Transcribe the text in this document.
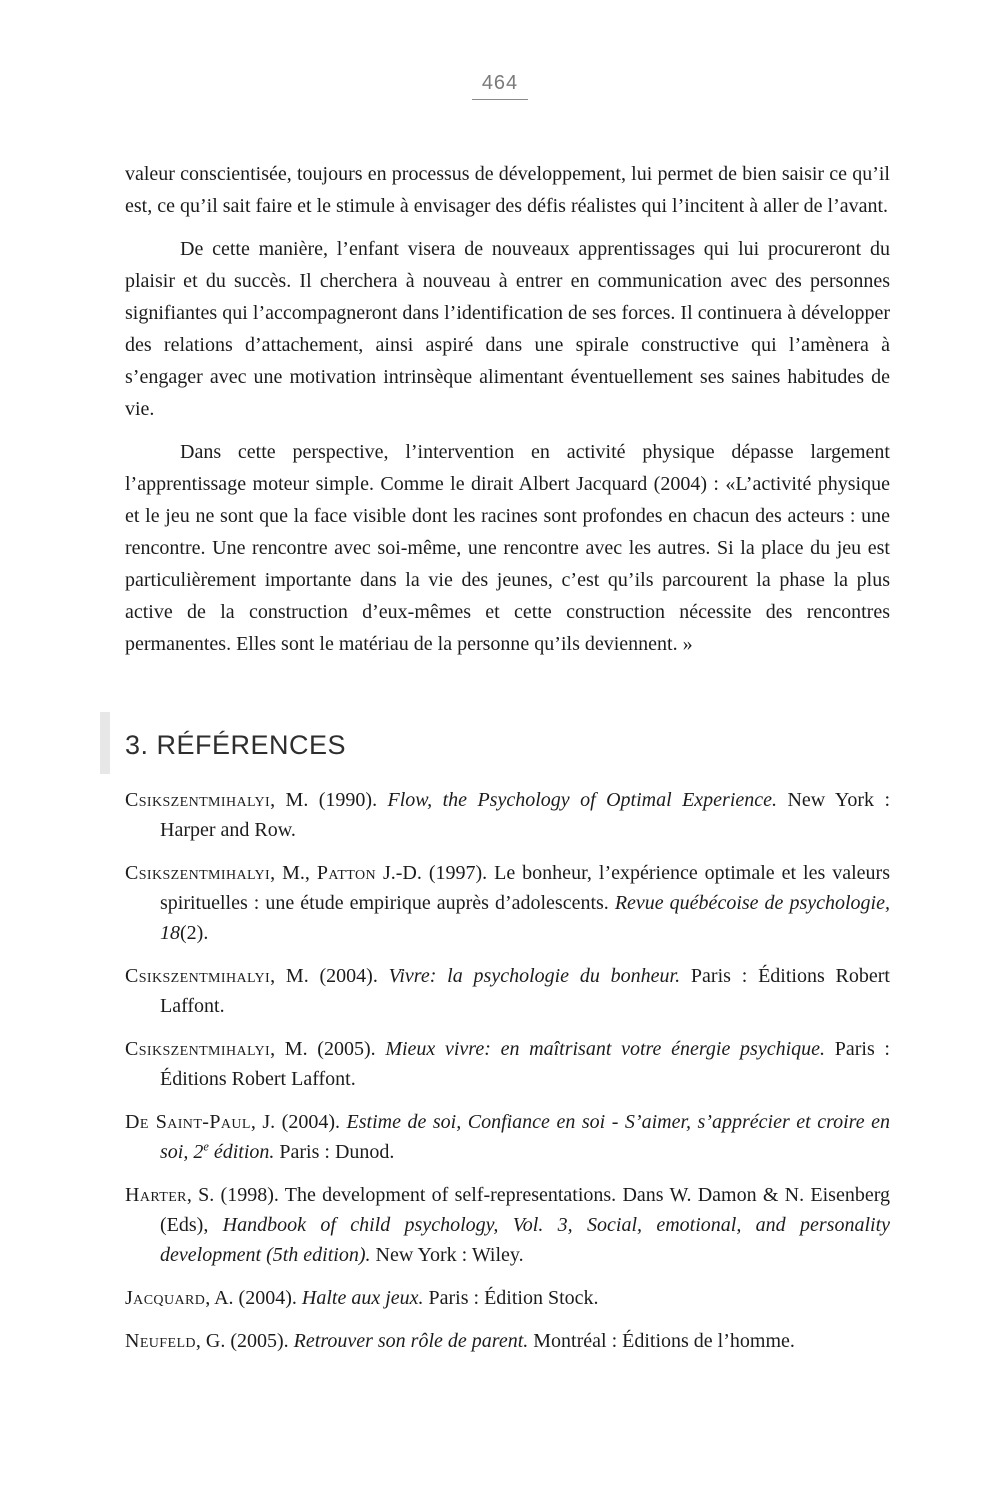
464

valeur conscientisée, toujours en processus de développement, lui permet de bien saisir ce qu’il est, ce qu’il sait faire et le stimule à envisager des défis réalistes qui l’incitent à aller de l’avant.

De cette manière, l’enfant visera de nouveaux apprentissages qui lui procureront du plaisir et du succès. Il cherchera à nouveau à entrer en communication avec des personnes signifiantes qui l’accompagneront dans l’identification de ses forces. Il continuera à développer des relations d’attachement, ainsi aspiré dans une spirale constructive qui l’amènera à s’engager avec une motivation intrinsèque alimentant éventuellement ses saines habitudes de vie.

Dans cette perspective, l’intervention en activité physique dépasse largement l’apprentissage moteur simple. Comme le dirait Albert Jacquard (2004) : «L’activité physique et le jeu ne sont que la face visible dont les racines sont profondes en chacun des acteurs : une rencontre. Une rencontre avec soi-même, une rencontre avec les autres. Si la place du jeu est particulièrement importante dans la vie des jeunes, c’est qu’ils parcourent la phase la plus active de la construction d’eux-mêmes et cette construction nécessite des rencontres permanentes. Elles sont le matériau de la personne qu’ils deviennent. »

3. RÉFÉRENCES

Csikszentmihalyi, M. (1990). Flow, the Psychology of Optimal Experience. New York : Harper and Row.

Csikszentmihalyi, M., Patton J.-D. (1997). Le bonheur, l’expérience optimale et les valeurs spirituelles : une étude empirique auprès d’adolescents. Revue québécoise de psychologie, 18(2).

Csikszentmihalyi, M. (2004). Vivre: la psychologie du bonheur. Paris : Éditions Robert Laffont.

Csikszentmihalyi, M. (2005). Mieux vivre: en maîtrisant votre énergie psychique. Paris : Éditions Robert Laffont.

De Saint-Paul, J. (2004). Estime de soi, Confiance en soi - S’aimer, s’apprécier et croire en soi, 2e édition. Paris : Dunod.

Harter, S. (1998). The development of self-representations. Dans W. Damon & N. Eisenberg (Eds), Handbook of child psychology, Vol. 3, Social, emotional, and personality development (5th edition). New York : Wiley.

Jacquard, A. (2004). Halte aux jeux. Paris : Édition Stock.

Neufeld, G. (2005). Retrouver son rôle de parent. Montréal : Éditions de l’homme.
